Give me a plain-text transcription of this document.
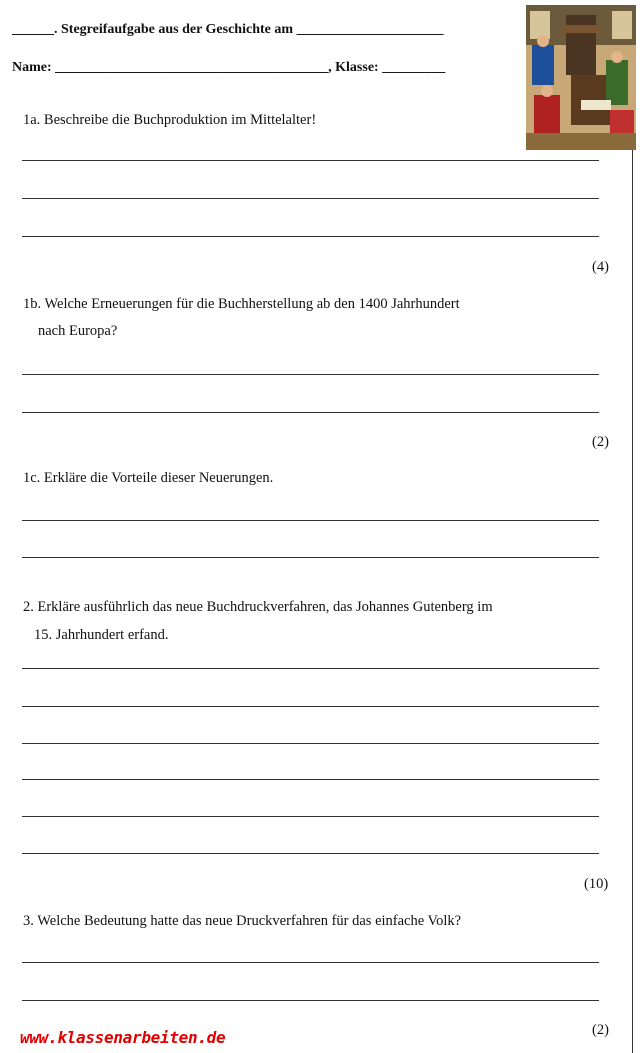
______. Stegreifaufgabe aus der Geschichte am _____________________
Name: _______________________________________, Klasse: _________
1a. Beschreibe die Buchproduktion im Mittelalter!
(4)
1b. Welche Erneuerungen für die Buchherstellung ab den 1400 Jahrhundert
nach Europa?
(2)
1c. Erkläre die Vorteile dieser Neuerungen.
2. Erkläre ausführlich das neue Buchdruckverfahren, das Johannes Gutenberg im
15. Jahrhundert erfand.
(10)
3. Welche Bedeutung hatte das neue Druckverfahren für das einfache Volk?
(2)
www.klassenarbeiten.de
